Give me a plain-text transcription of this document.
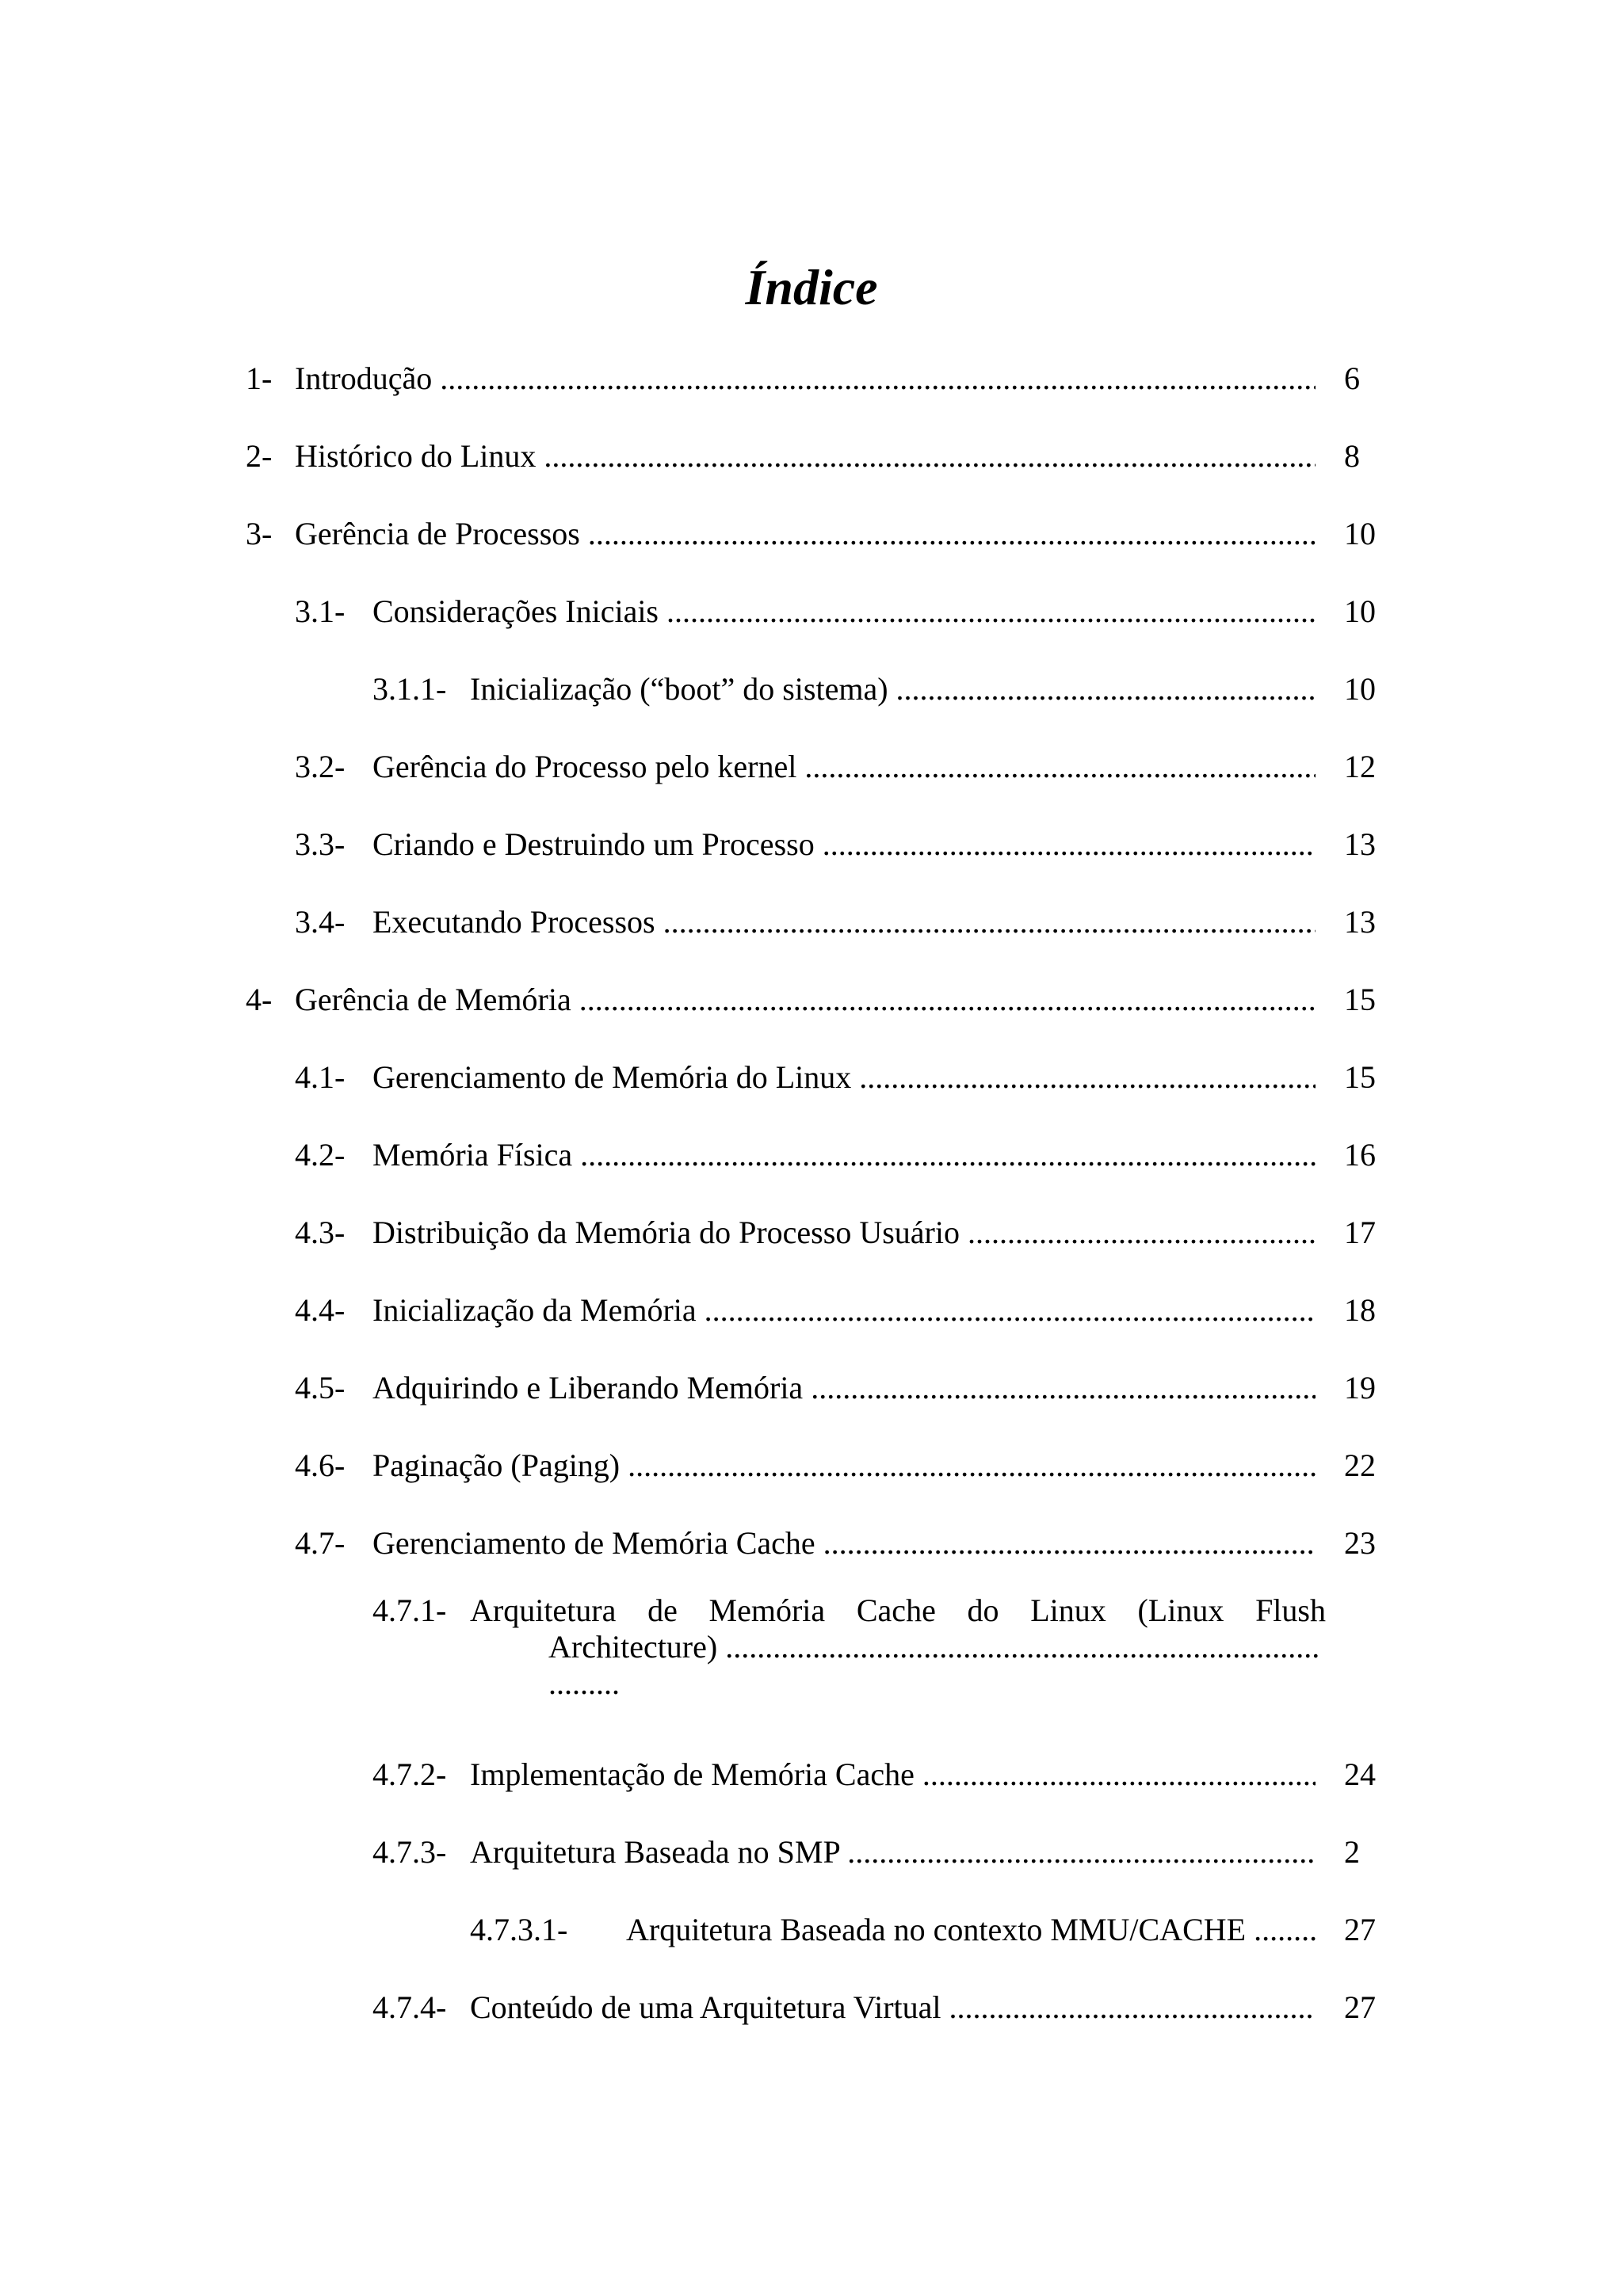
Índice
1- Introdução .....	6
2- Histórico do Linux .....	8
3- Gerência de Processos .....	10
3.1- Considerações Iniciais .....	10
3.1.1- Inicialização (“boot” do sistema) .....	10
3.2- Gerência do Processo pelo kernel .....	12
3.3- Criando e Destruindo um Processo .....	13
3.4- Executando Processos .....	13
4- Gerência de Memória .....	15
4.1- Gerenciamento de Memória do Linux .....	15
4.2- Memória Física .....	16
4.3- Distribuição da Memória do Processo Usuário .....	17
4.4- Inicialização da Memória .....	18
4.5- Adquirindo e Liberando Memória .....	19
4.6- Paginação (Paging) .....	22
4.7- Gerenciamento de Memória Cache .....	23
4.7.1- Arquitetura de Memória Cache do Linux (Linux Flush
Architecture) .....
.........
4.7.2- Implementação de Memória Cache .....	24
4.7.3- Arquitetura Baseada no SMP .....	2
4.7.3.1- Arquitetura Baseada no contexto MMU/CACHE .....	27
4.7.4- Conteúdo de uma Arquitetura Virtual .....	27
